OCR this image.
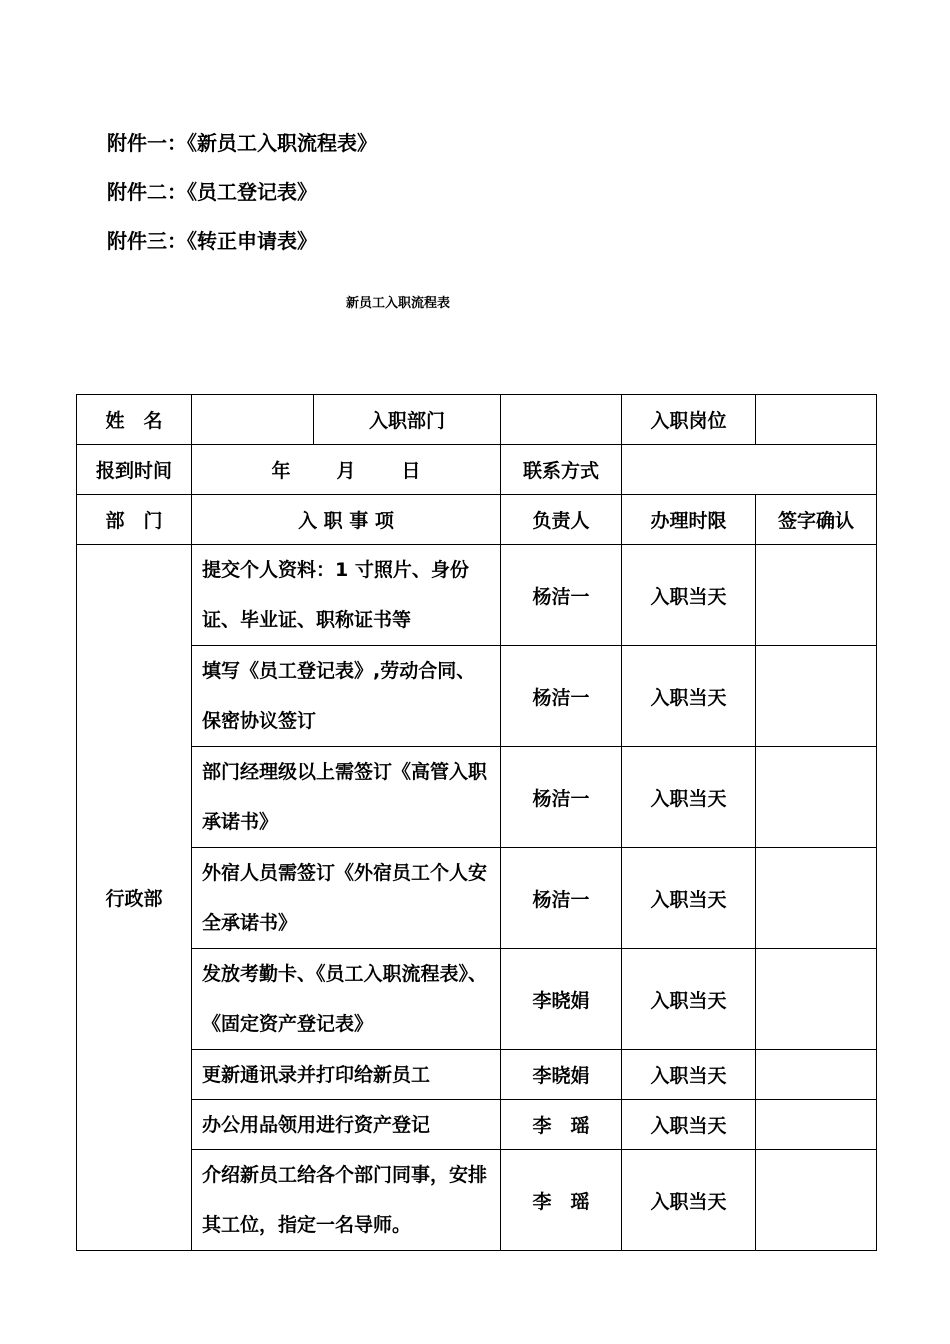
附件一：《新员工入职流程表》
附件二：《员工登记表》
附件三：《转正申请表》
新员工入职流程表
姓　名		入职部门		入职岗位	
报到时间	年 月 日		联系方式		
部　门	入 职 事 项		负责人	办理时限	签字确认
行政部	提交个人资料：1 寸照片、身份证、毕业证、职称证书等		杨洁一	入职当天	
	填写《员工登记表》,劳动合同、保密协议签订		杨洁一	入职当天	
	部门经理级以上需签订《高管入职承诺书》		杨洁一	入职当天	
	外宿人员需签订《外宿员工个人安全承诺书》		杨洁一	入职当天	
	发放考勤卡、《员工入职流程表》、《固定资产登记表》		李晓娟	入职当天	
	更新通讯录并打印给新员工		李晓娟	入职当天	
	办公用品领用进行资产登记		李　瑶	入职当天	
	介绍新员工给各个部门同事，安排其工位，指定一名导师。		李　瑶	入职当天	
